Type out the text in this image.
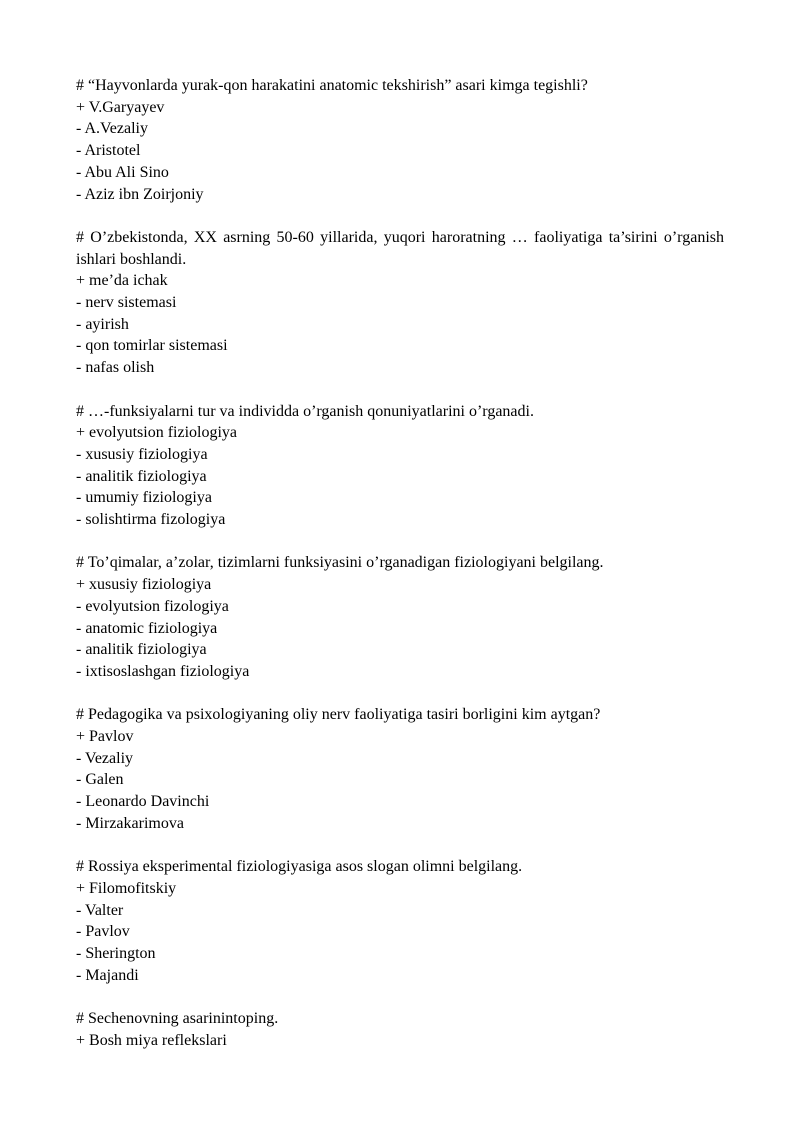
# “Hayvonlarda yurak-qon harakatini anatomic tekshirish” asari kimga tegishli?
+ V.Garyayev
- A.Vezaliy
- Aristotel
- Abu Ali Sino
- Aziz ibn Zoirjoniy
# O’zbekistonda, XX asrning 50-60 yillarida, yuqori haroratning … faoliyatiga ta’sirini o’rganish ishlari boshlandi.
+ me’da ichak
- nerv sistemasi
- ayirish
- qon tomirlar sistemasi
- nafas olish
# …-funksiyalarni tur va individda o’rganish qonuniyatlarini o’rganadi.
+ evolyutsion fiziologiya
- xususiy fiziologiya
- analitik fiziologiya
- umumiy fiziologiya
- solishtirma fizologiya
# To’qimalar, a’zolar, tizimlarni funksiyasini o’rganadigan fiziologiyani belgilang.
+ xususiy fiziologiya
- evolyutsion fizologiya
- anatomic fiziologiya
- analitik fiziologiya
- ixtisoslashgan fiziologiya
# Pedagogika va psixologiyaning oliy nerv faoliyatiga tasiri borligini kim aytgan?
+ Pavlov
- Vezaliy
- Galen
- Leonardo Davinchi
- Mirzakarimova
# Rossiya eksperimental fiziologiyasiga asos slogan olimni belgilang.
+ Filomofitskiy
- Valter
- Pavlov
- Sherington
- Majandi
# Sechenovning asarinintoping.
+ Bosh miya reflekslari
